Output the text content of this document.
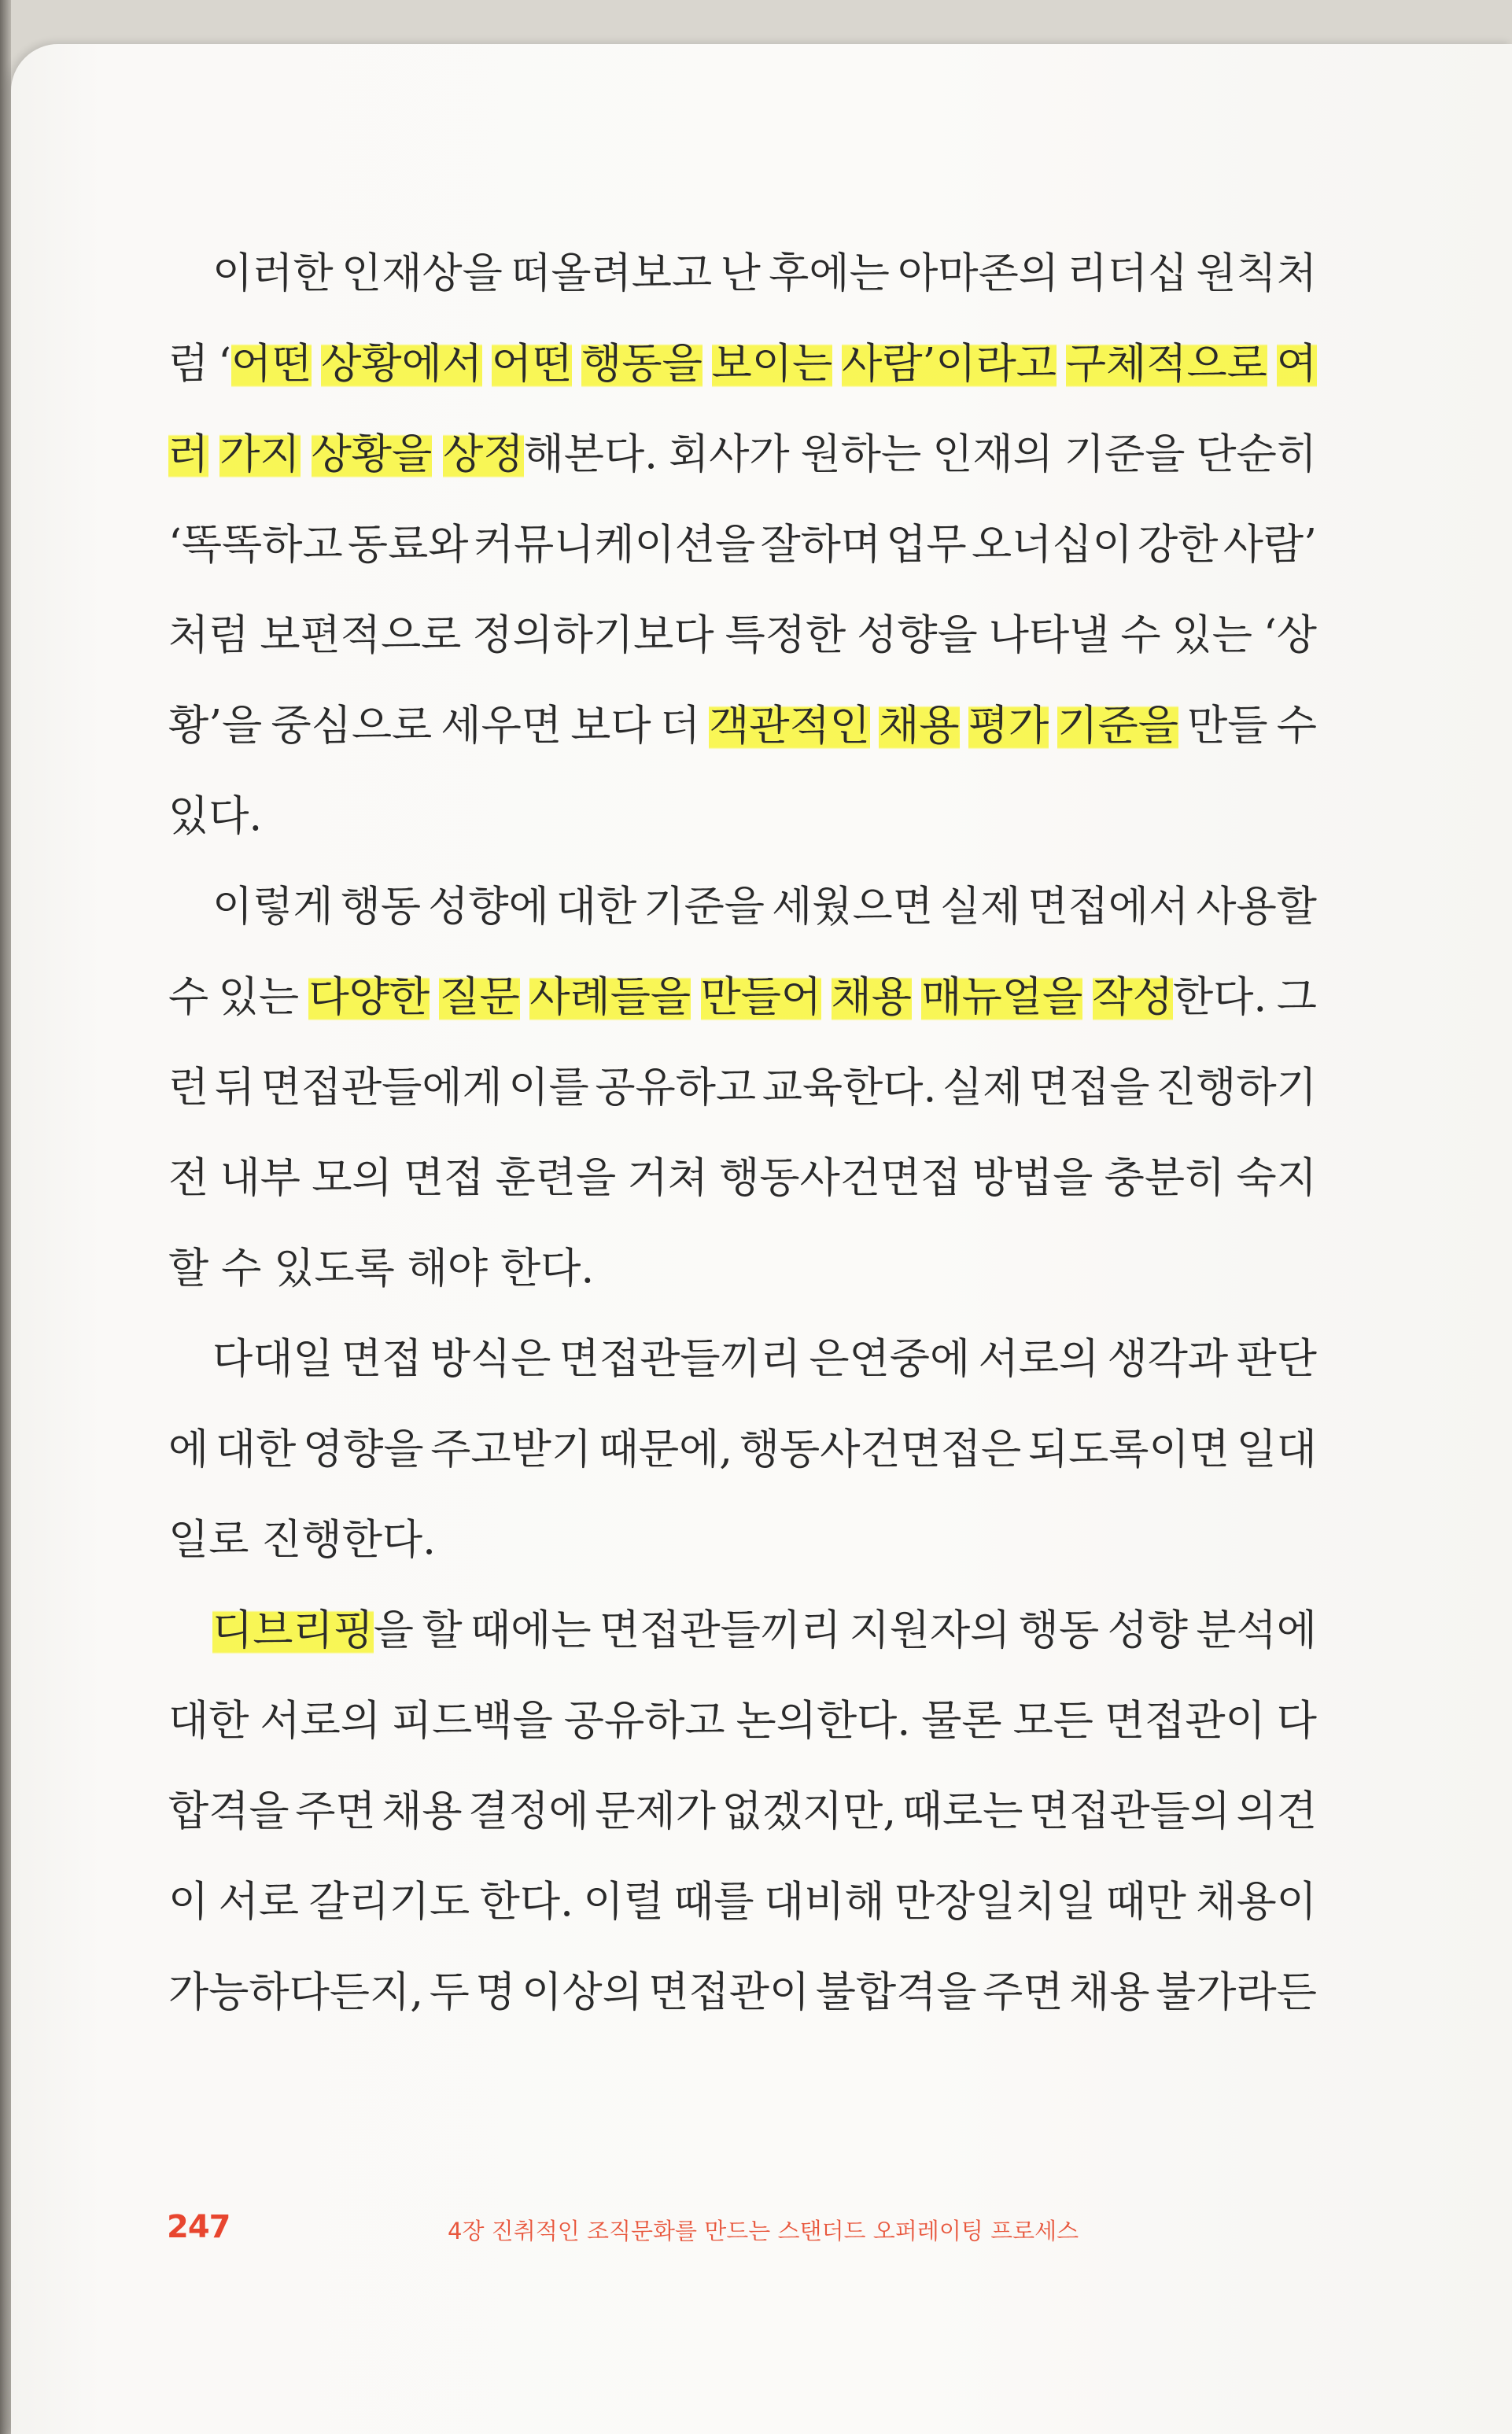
이러한 인재상을 떠올려보고 난 후에는 아마존의 리더십 원칙처
럼 ‘어떤 상황에서 어떤 행동을 보이는 사람’이라고 구체적으로 여
러 가지 상황을 상정해본다. 회사가 원하는 인재의 기준을 단순히
‘똑똑하고 동료와 커뮤니케이션을 잘하며 업무 오너십이 강한 사람’
처럼 보편적으로 정의하기보다 특정한 성향을 나타낼 수 있는 ‘상
황’을 중심으로 세우면 보다 더 객관적인 채용 평가 기준을 만들 수
있다.
이렇게 행동 성향에 대한 기준을 세웠으면 실제 면접에서 사용할
수 있는 다양한 질문 사례들을 만들어 채용 매뉴얼을 작성한다. 그
런 뒤 면접관들에게 이를 공유하고 교육한다. 실제 면접을 진행하기
전 내부 모의 면접 훈련을 거쳐 행동사건면접 방법을 충분히 숙지
할 수 있도록 해야 한다.
다대일 면접 방식은 면접관들끼리 은연중에 서로의 생각과 판단
에 대한 영향을 주고받기 때문에, 행동사건면접은 되도록이면 일대
일로 진행한다.
디브리핑을 할 때에는 면접관들끼리 지원자의 행동 성향 분석에
대한 서로의 피드백을 공유하고 논의한다. 물론 모든 면접관이 다
합격을 주면 채용 결정에 문제가 없겠지만, 때로는 면접관들의 의견
이 서로 갈리기도 한다. 이럴 때를 대비해 만장일치일 때만 채용이
가능하다든지, 두 명 이상의 면접관이 불합격을 주면 채용 불가라든
247	4장 진취적인 조직문화를 만드는 스탠더드 오퍼레이팅 프로세스
